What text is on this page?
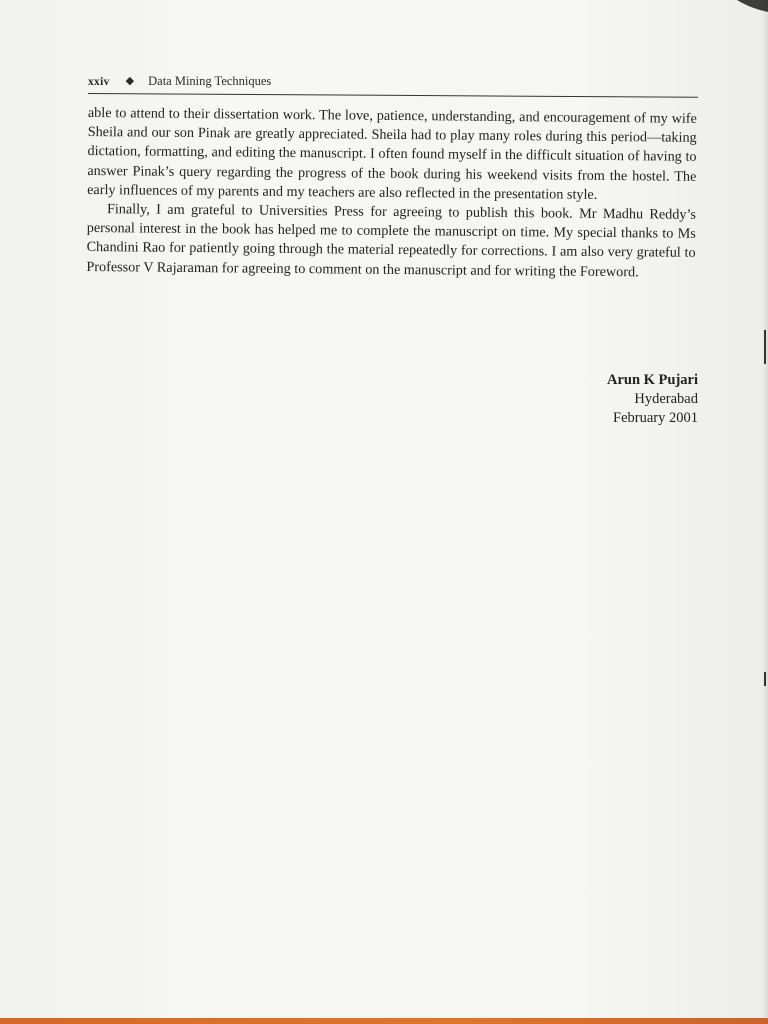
xxiv ◆ Data Mining Techniques

able to attend to their dissertation work. The love, patience, understanding, and encouragement of my wife Sheila and our son Pinak are greatly appreciated. Sheila had to play many roles during this period—taking dictation, formatting, and editing the manuscript. I often found myself in the difficult situation of having to answer Pinak’s query regarding the progress of the book during his weekend visits from the hostel. The early influences of my parents and my teachers are also reflected in the presentation style.

Finally, I am grateful to Universities Press for agreeing to publish this book. Mr Madhu Reddy’s personal interest in the book has helped me to complete the manuscript on time. My special thanks to Ms Chandini Rao for patiently going through the material repeatedly for corrections. I am also very grateful to Professor V Rajaraman for agreeing to comment on the manuscript and for writing the Foreword.

Arun K Pujari
Hyderabad
February 2001
